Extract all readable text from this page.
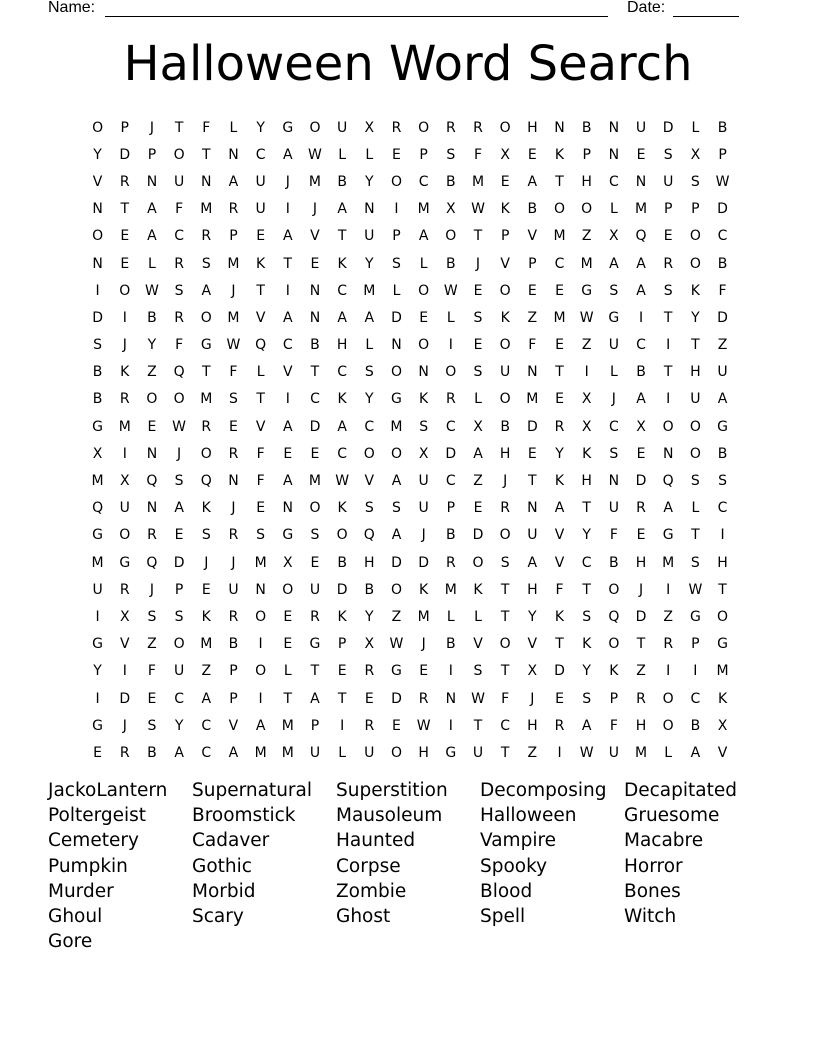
Name:	Date:
Halloween Word Search
O	P	J	T	F	L	Y	G	O	U	X	R	O	R	R	O	H	N	B	N	U	D	L	B
Y	D	P	O	T	N	C	A	W	L	L	E	P	S	F	X	E	K	P	N	E	S	X	P
V	R	N	U	N	A	U	J	M	B	Y	O	C	B	M	E	A	T	H	C	N	U	S	W
N	T	A	F	M	R	U	I	J	A	N	I	M	X	W	K	B	O	O	L	M	P	P	D
O	E	A	C	R	P	E	A	V	T	U	P	A	O	T	P	V	M	Z	X	Q	E	O	C
N	E	L	R	S	M	K	T	E	K	Y	S	L	B	J	V	P	C	M	A	A	R	O	B
I	O	W	S	A	J	T	I	N	C	M	L	O	W	E	O	E	E	G	S	A	S	K	F
D	I	B	R	O	M	V	A	N	A	A	D	E	L	S	K	Z	M	W	G	I	T	Y	D
S	J	Y	F	G	W	Q	C	B	H	L	N	O	I	E	O	F	E	Z	U	C	I	T	Z
B	K	Z	Q	T	F	L	V	T	C	S	O	N	O	S	U	N	T	I	L	B	T	H	U
B	R	O	O	M	S	T	I	C	K	Y	G	K	R	L	O	M	E	X	J	A	I	U	A
G	M	E	W	R	E	V	A	D	A	C	M	S	C	X	B	D	R	X	C	X	O	O	G
X	I	N	J	O	R	F	E	E	C	O	O	X	D	A	H	E	Y	K	S	E	N	O	B
M	X	Q	S	Q	N	F	A	M	W	V	A	U	C	Z	J	T	K	H	N	D	Q	S	S
Q	U	N	A	K	J	E	N	O	K	S	S	U	P	E	R	N	A	T	U	R	A	L	C
G	O	R	E	S	R	S	G	S	O	Q	A	J	B	D	O	U	V	Y	F	E	G	T	I
M	G	Q	D	J	J	M	X	E	B	H	D	D	R	O	S	A	V	C	B	H	M	S	H
U	R	J	P	E	U	N	O	U	D	B	O	K	M	K	T	H	F	T	O	J	I	W	T
I	X	S	S	K	R	O	E	R	K	Y	Z	M	L	L	T	Y	K	S	Q	D	Z	G	O
G	V	Z	O	M	B	I	E	G	P	X	W	J	B	V	O	V	T	K	O	T	R	P	G
Y	I	F	U	Z	P	O	L	T	E	R	G	E	I	S	T	X	D	Y	K	Z	I	I	M
I	D	E	C	A	P	I	T	A	T	E	D	R	N	W	F	J	E	S	P	R	O	C	K
G	J	S	Y	C	V	A	M	P	I	R	E	W	I	T	C	H	R	A	F	H	O	B	X
E	R	B	A	C	A	M	M	U	L	U	O	H	G	U	T	Z	I	W	U	M	L	A	V
JackoLantern	Supernatural	Superstition	Decomposing Decapitated
Poltergeist	Broomstick	Mausoleum	Halloween	Gruesome
Cemetery	Cadaver	Haunted	Vampire	Macabre
Pumpkin	Gothic	Corpse	Spooky	Horror
Murder	Morbid	Zombie	Blood	Bones
Ghoul	Scary	Ghost	Spell	Witch
Gore
